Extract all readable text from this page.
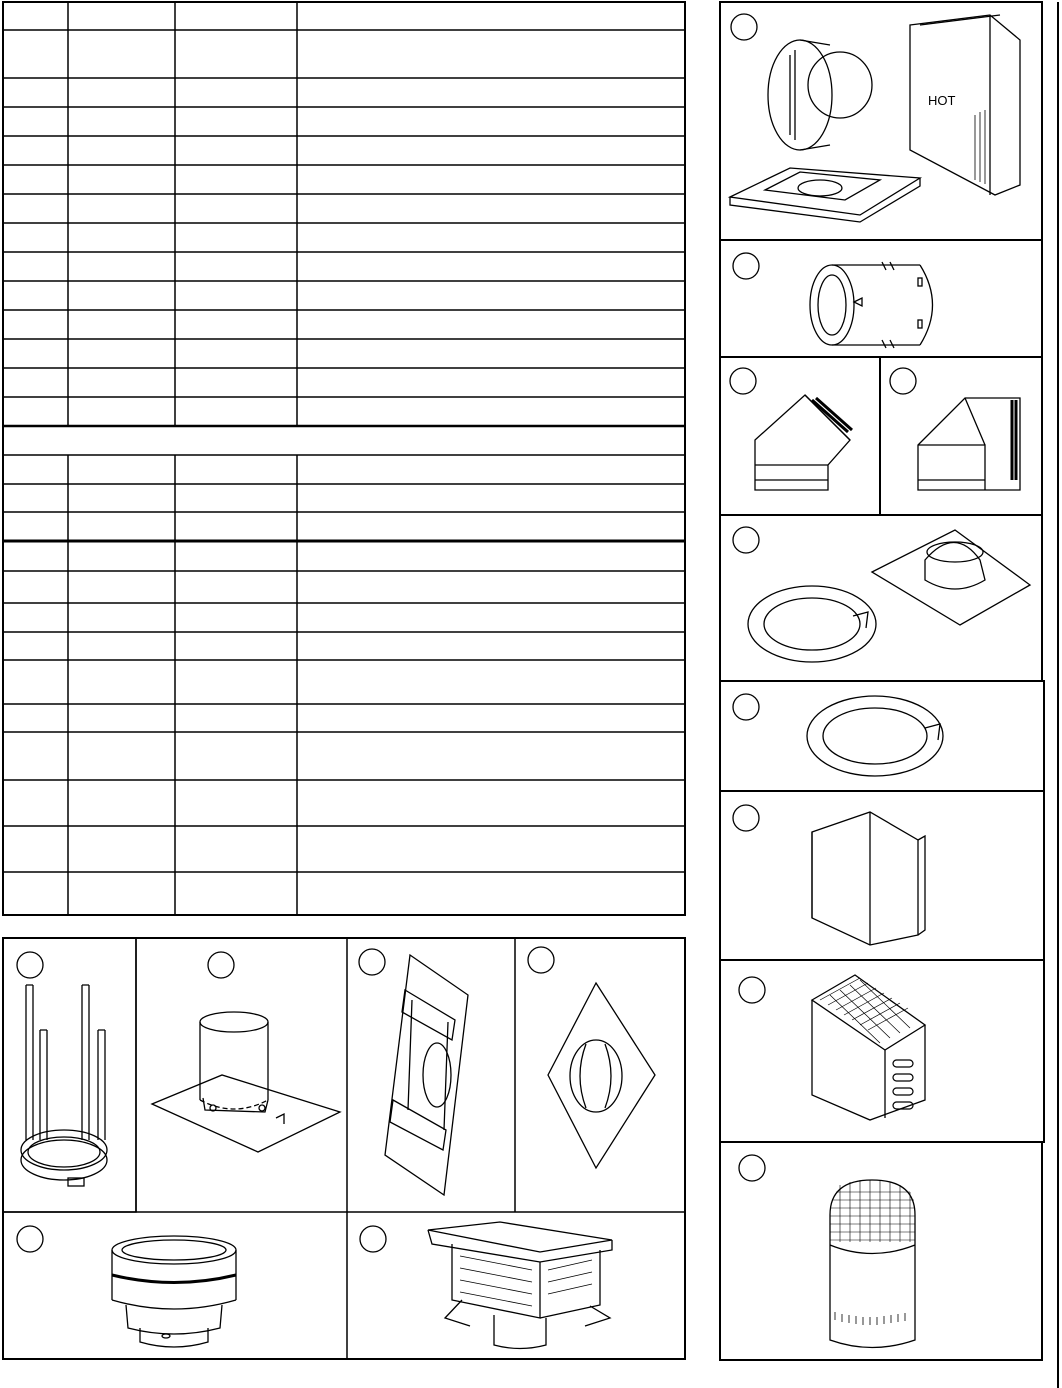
HOT
